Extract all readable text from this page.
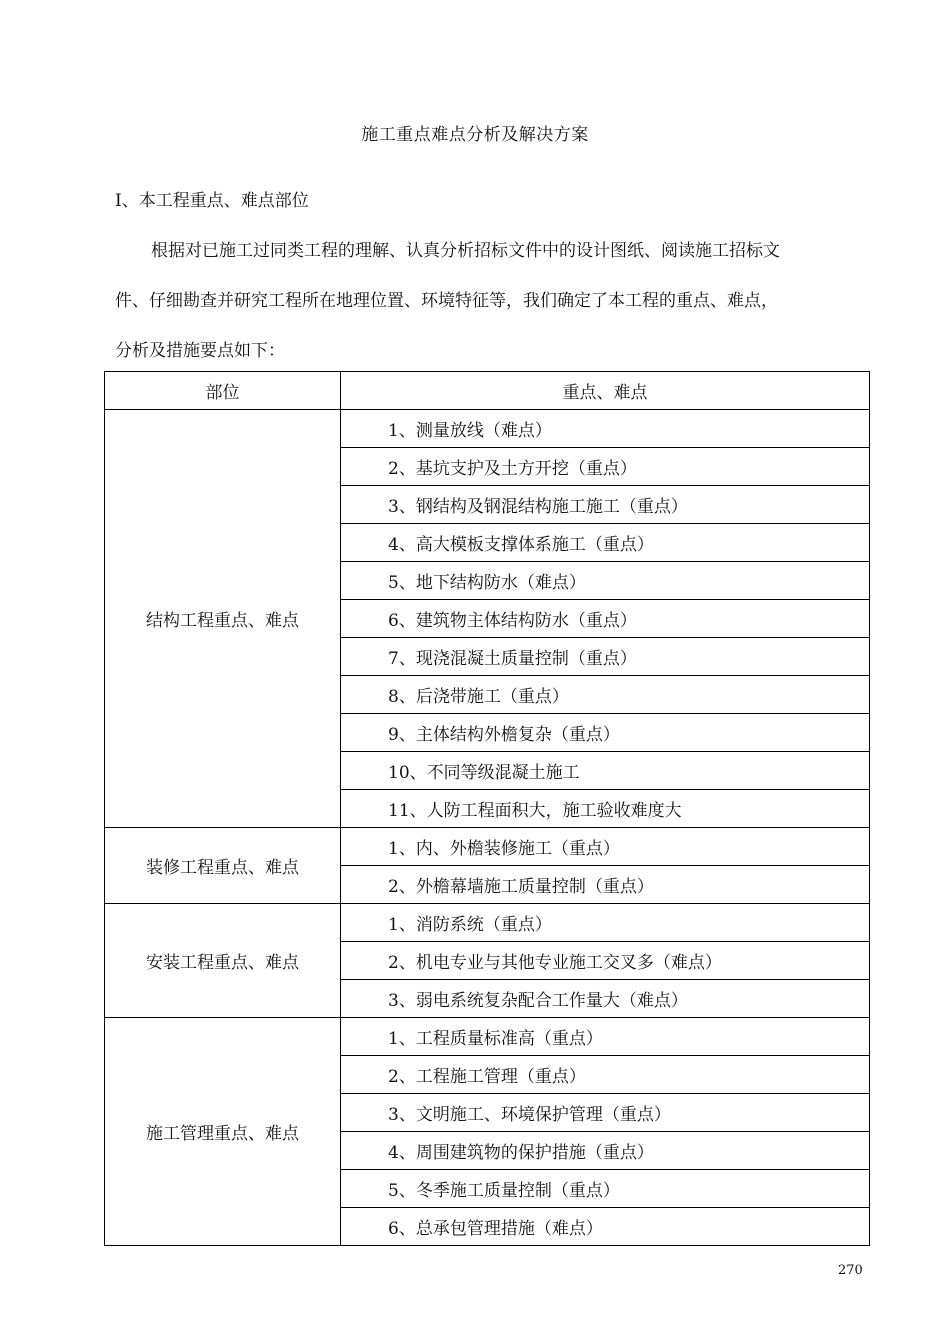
施工重点难点分析及解决方案
Ⅰ、本工程重点、难点部位
根据对已施工过同类工程的理解、认真分析招标文件中的设计图纸、阅读施工招标文
件、仔细勘查并研究工程所在地理位置、环境特征等，我们确定了本工程的重点、难点，
分析及措施要点如下：
部位	重点、难点
结构工程重点、难点	1、测量放线（难点）
	2、基坑支护及土方开挖（重点）
	3、钢结构及钢混结构施工施工（重点）
	4、高大模板支撑体系施工（重点）
	5、地下结构防水（难点）
	6、建筑物主体结构防水（重点）
	7、现浇混凝土质量控制（重点）
	8、后浇带施工（重点）
	9、主体结构外檐复杂（重点）
	10、不同等级混凝土施工
	11、人防工程面积大，施工验收难度大
装修工程重点、难点	1、内、外檐装修施工（重点）
	2、外檐幕墙施工质量控制（重点）
安装工程重点、难点	1、消防系统（重点）
	2、机电专业与其他专业施工交叉多（难点）
	3、弱电系统复杂配合工作量大（难点）
施工管理重点、难点	1、工程质量标准高（重点）
	2、工程施工管理（重点）
	3、文明施工、环境保护管理（重点）
	4、周围建筑物的保护措施（重点）
	5、冬季施工质量控制（重点）
	6、总承包管理措施（难点）
270
